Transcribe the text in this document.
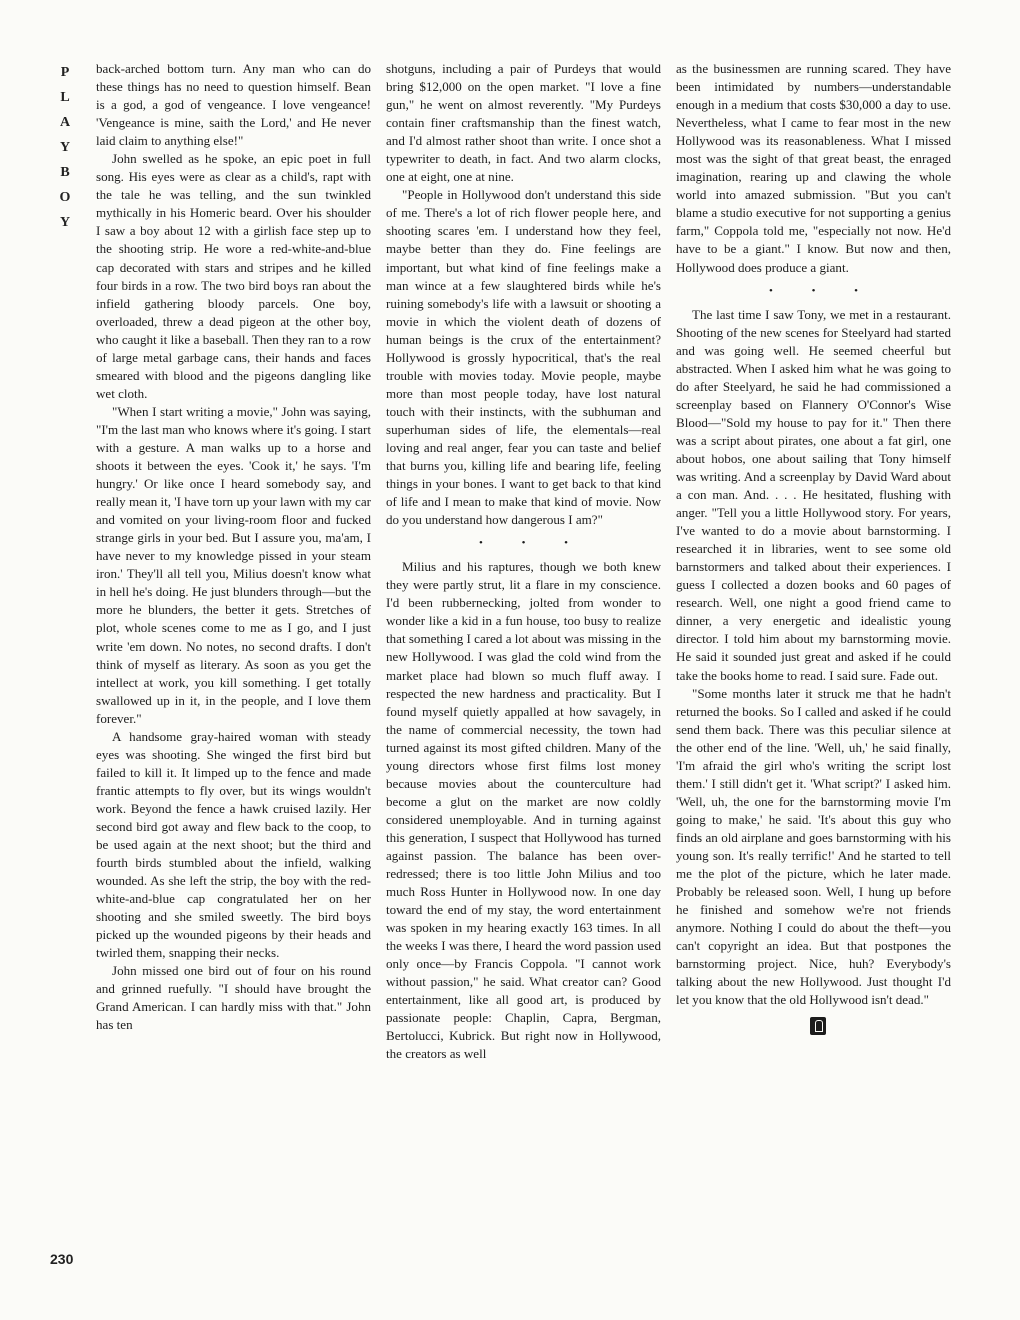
P
L
A
Y
B
O
Y

back-arched bottom turn. Any man who can do these things has no need to question himself. Bean is a god, a god of vengeance. I love vengeance! 'Vengeance is mine, saith the Lord,' and He never laid claim to anything else!"

John swelled as he spoke, an epic poet in full song. His eyes were as clear as a child's, rapt with the tale he was telling, and the sun twinkled mythically in his Homeric beard. Over his shoulder I saw a boy about 12 with a girlish face step up to the shooting strip. He wore a red-white-and-blue cap decorated with stars and stripes and he killed four birds in a row. The two bird boys ran about the infield gathering bloody parcels. One boy, overloaded, threw a dead pigeon at the other boy, who caught it like a baseball. Then they ran to a row of large metal garbage cans, their hands and faces smeared with blood and the pigeons dangling like wet cloth.

"When I start writing a movie," John was saying, "I'm the last man who knows where it's going. I start with a gesture. A man walks up to a horse and shoots it between the eyes. 'Cook it,' he says. 'I'm hungry.' Or like once I heard somebody say, and really mean it, 'I have torn up your lawn with my car and vomited on your living-room floor and fucked strange girls in your bed. But I assure you, ma'am, I have never to my knowledge pissed in your steam iron.' They'll all tell you, Milius doesn't know what in hell he's doing. He just blunders through—but the more he blunders, the better it gets. Stretches of plot, whole scenes come to me as I go, and I just write 'em down. No notes, no second drafts. I don't think of myself as literary. As soon as you get the intellect at work, you kill something. I get totally swallowed up in it, in the people, and I love them forever."

A handsome gray-haired woman with steady eyes was shooting. She winged the first bird but failed to kill it. It limped up to the fence and made frantic attempts to fly over, but its wings wouldn't work. Beyond the fence a hawk cruised lazily. Her second bird got away and flew back to the coop, to be used again at the next shoot; but the third and fourth birds stumbled about the infield, walking wounded. As she left the strip, the boy with the red-white-and-blue cap congratulated her on her shooting and she smiled sweetly. The bird boys picked up the wounded pigeons by their heads and twirled them, snapping their necks.

John missed one bird out of four on his round and grinned ruefully. "I should have brought the Grand American. I can hardly miss with that." John has ten

shotguns, including a pair of Purdeys that would bring $12,000 on the open market. "I love a fine gun," he went on almost reverently. "My Purdeys contain finer craftsmanship than the finest watch, and I'd almost rather shoot than write. I once shot a typewriter to death, in fact. And two alarm clocks, one at eight, one at nine.

"People in Hollywood don't understand this side of me. There's a lot of rich flower people here, and shooting scares 'em. I understand how they feel, maybe better than they do. Fine feelings are important, but what kind of fine feelings make a man wince at a few slaughtered birds while he's ruining somebody's life with a lawsuit or shooting a movie in which the violent death of dozens of human beings is the crux of the entertainment? Hollywood is grossly hypocritical, that's the real trouble with movies today. Movie people, maybe more than most people today, have lost natural touch with their instincts, with the subhuman and superhuman sides of life, the elementals—real loving and real anger, fear you can taste and belief that burns you, killing life and bearing life, feeling things in your bones. I want to get back to that kind of life and I mean to make that kind of movie. Now do you understand how dangerous I am?"

• • •

Milius and his raptures, though we both knew they were partly strut, lit a flare in my conscience. I'd been rubbernecking, jolted from wonder to wonder like a kid in a fun house, too busy to realize that something I cared a lot about was missing in the new Hollywood. I was glad the cold wind from the market place had blown so much fluff away. I respected the new hardness and practicality. But I found myself quietly appalled at how savagely, in the name of commercial necessity, the town had turned against its most gifted children. Many of the young directors whose first films lost money because movies about the counterculture had become a glut on the market are now coldly considered unemployable. And in turning against this generation, I suspect that Hollywood has turned against passion. The balance has been over-redressed; there is too little John Milius and too much Ross Hunter in Hollywood now. In one day toward the end of my stay, the word entertainment was spoken in my hearing exactly 163 times. In all the weeks I was there, I heard the word passion used only once—by Francis Coppola. "I cannot work without passion," he said. What creator can? Good entertainment, like all good art, is produced by passionate people: Chaplin, Capra, Bergman, Bertolucci, Kubrick. But right now in Hollywood, the creators as well

as the businessmen are running scared. They have been intimidated by numbers—understandable enough in a medium that costs $30,000 a day to use. Nevertheless, what I came to fear most in the new Hollywood was its reasonableness. What I missed most was the sight of that great beast, the enraged imagination, rearing up and clawing the whole world into amazed submission. "But you can't blame a studio executive for not supporting a genius farm," Coppola told me, "especially not now. He'd have to be a giant." I know. But now and then, Hollywood does produce a giant.

• • •

The last time I saw Tony, we met in a restaurant. Shooting of the new scenes for Steelyard had started and was going well. He seemed cheerful but abstracted. When I asked him what he was going to do after Steelyard, he said he had commissioned a screenplay based on Flannery O'Connor's Wise Blood—"Sold my house to pay for it." Then there was a script about pirates, one about a fat girl, one about hobos, one about sailing that Tony himself was writing. And a screenplay by David Ward about a con man. And. . . . He hesitated, flushing with anger. "Tell you a little Hollywood story. For years, I've wanted to do a movie about barnstorming. I researched it in libraries, went to see some old barnstormers and talked about their experiences. I guess I collected a dozen books and 60 pages of research. Well, one night a good friend came to dinner, a very energetic and idealistic young director. I told him about my barnstorming movie. He said it sounded just great and asked if he could take the books home to read. I said sure. Fade out.

"Some months later it struck me that he hadn't returned the books. So I called and asked if he could send them back. There was this peculiar silence at the other end of the line. 'Well, uh,' he said finally, 'I'm afraid the girl who's writing the script lost them.' I still didn't get it. 'What script?' I asked him. 'Well, uh, the one for the barnstorming movie I'm going to make,' he said. 'It's about this guy who finds an old airplane and goes barnstorming with his young son. It's really terrific!' And he started to tell me the plot of the picture, which he later made. Probably be released soon. Well, I hung up before he finished and somehow we're not friends anymore. Nothing I could do about the theft—you can't copyright an idea. But that postpones the barnstorming project. Nice, huh? Everybody's talking about the new Hollywood. Just thought I'd let you know that the old Hollywood isn't dead."

230
